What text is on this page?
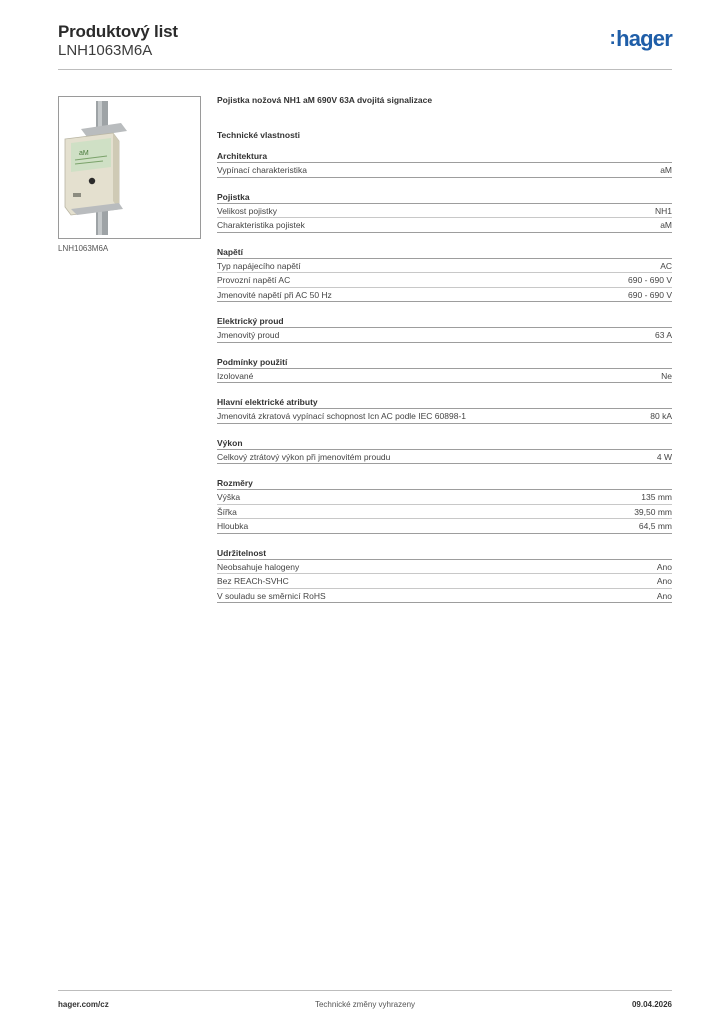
Produktový list
LNH1063M6A
:hager
aM
LNH1063M6A
Pojistka nožová NH1 aM 690V 63A dvojitá signalizace
Technické vlastnosti
Architektura
Vypínací charakteristika	aM
Pojistka
Velikost pojistky	NH1
Charakteristika pojistek	aM
Napětí
Typ napájecího napětí	AC
Provozní napětí AC	690 - 690 V
Jmenovité napětí při AC 50 Hz	690 - 690 V
Elektrický proud
Jmenovitý proud	63 A
Podmínky použití
Izolované	Ne
Hlavní elektrické atributy
Jmenovitá zkratová vypínací schopnost Icn AC podle IEC 60898-1	80 kA
Výkon
Celkový ztrátový výkon při jmenovitém proudu	4 W
Rozměry
Výška	135 mm
Šířka	39,50 mm
Hloubka	64,5 mm
Udržitelnost
Neobsahuje halogeny	Ano
Bez REACh-SVHC	Ano
V souladu se směrnicí RoHS	Ano
hager.com/cz	Technické změny vyhrazeny	09.04.2026
